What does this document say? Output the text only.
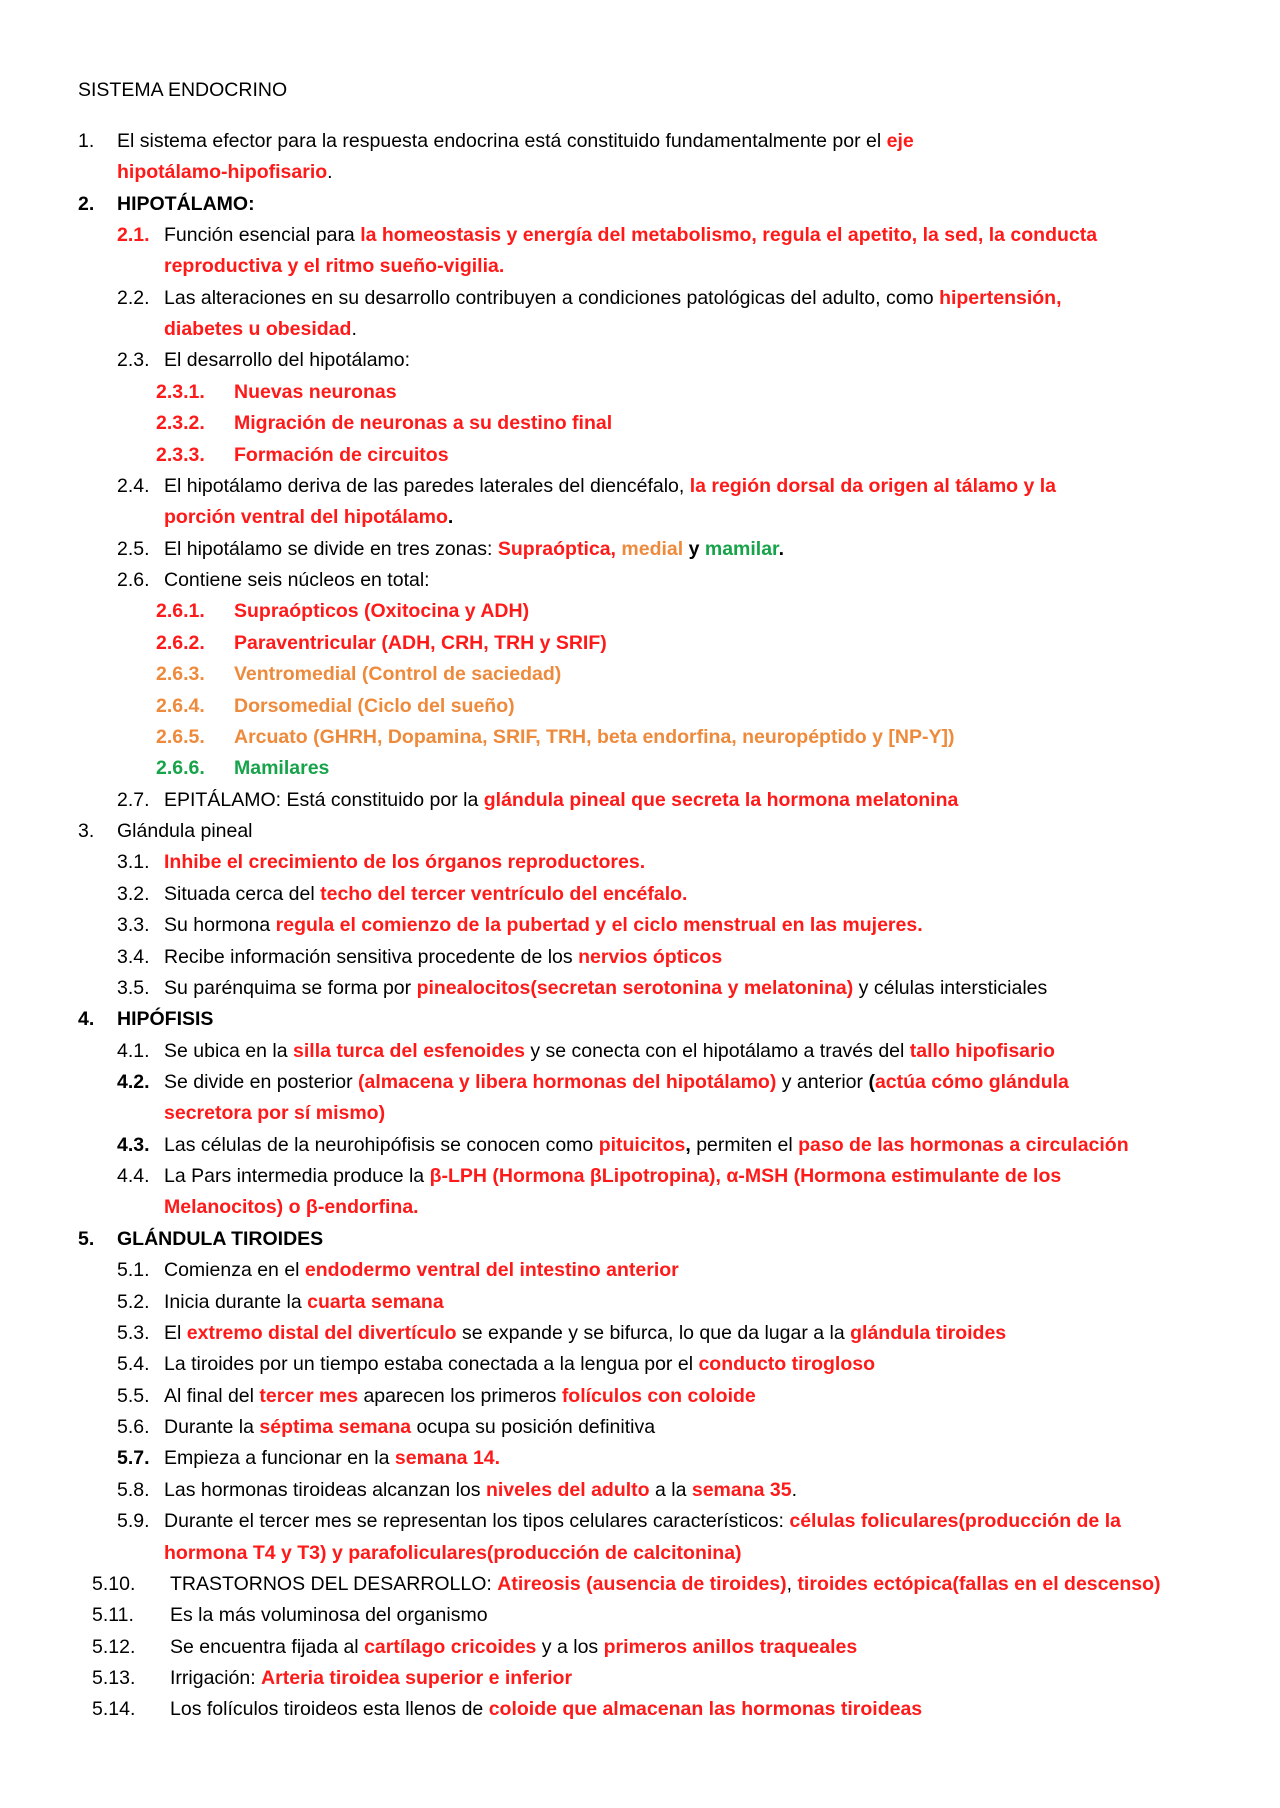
SISTEMA ENDOCRINO
1. El sistema efector para la respuesta endocrina está constituido fundamentalmente por el eje
hipotálamo-hipofisario.
2. HIPOTÁLAMO:
2.1. Función esencial para la homeostasis y energía del metabolismo, regula el apetito, la sed, la conducta
reproductiva y el ritmo sueño-vigilia.
2.2. Las alteraciones en su desarrollo contribuyen a condiciones patológicas del adulto, como hipertensión,
diabetes u obesidad.
2.3. El desarrollo del hipotálamo:
2.3.1. Nuevas neuronas
2.3.2. Migración de neuronas a su destino final
2.3.3. Formación de circuitos
2.4. El hipotálamo deriva de las paredes laterales del diencéfalo, la región dorsal da origen al tálamo y la
porción ventral del hipotálamo.
2.5. El hipotálamo se divide en tres zonas: Supraóptica, medial y mamilar.
2.6. Contiene seis núcleos en total:
2.6.1. Supraópticos (Oxitocina y ADH)
2.6.2. Paraventricular (ADH, CRH, TRH y SRIF)
2.6.3. Ventromedial (Control de saciedad)
2.6.4. Dorsomedial (Ciclo del sueño)
2.6.5. Arcuato (GHRH, Dopamina, SRIF, TRH, beta endorfina, neuropéptido y [NP-Y])
2.6.6. Mamilares
2.7. EPITÁLAMO: Está constituido por la glándula pineal que secreta la hormona melatonina
3. Glándula pineal
3.1. Inhibe el crecimiento de los órganos reproductores.
3.2. Situada cerca del techo del tercer ventrículo del encéfalo.
3.3. Su hormona regula el comienzo de la pubertad y el ciclo menstrual en las mujeres.
3.4. Recibe información sensitiva procedente de los nervios ópticos
3.5. Su parénquima se forma por pinealocitos(secretan serotonina y melatonina) y células intersticiales
4. HIPÓFISIS
4.1. Se ubica en la silla turca del esfenoides y se conecta con el hipotálamo a través del tallo hipofisario
4.2. Se divide en posterior (almacena y libera hormonas del hipotálamo) y anterior (actúa cómo glándula
secretora por sí mismo)
4.3. Las células de la neurohipófisis se conocen como pituicitos, permiten el paso de las hormonas a circulación
4.4. La Pars intermedia produce la β-LPH (Hormona βLipotropina), α-MSH (Hormona estimulante de los
Melanocitos) o β-endorfina.
5. GLÁNDULA TIROIDES
5.1. Comienza en el endodermo ventral del intestino anterior
5.2. Inicia durante la cuarta semana
5.3. El extremo distal del divertículo se expande y se bifurca, lo que da lugar a la glándula tiroides
5.4. La tiroides por un tiempo estaba conectada a la lengua por el conducto tirogloso
5.5. Al final del tercer mes aparecen los primeros folículos con coloide
5.6. Durante la séptima semana ocupa su posición definitiva
5.7. Empieza a funcionar en la semana 14.
5.8. Las hormonas tiroideas alcanzan los niveles del adulto a la semana 35.
5.9. Durante el tercer mes se representan los tipos celulares característicos: células foliculares(producción de la
hormona T4 y T3) y parafoliculares(producción de calcitonina)
5.10. TRASTORNOS DEL DESARROLLO: Atireosis (ausencia de tiroides), tiroides ectópica(fallas en el descenso)
5.11. Es la más voluminosa del organismo
5.12. Se encuentra fijada al cartílago cricoides y a los primeros anillos traqueales
5.13. Irrigación: Arteria tiroidea superior e inferior
5.14. Los folículos tiroideos esta llenos de coloide que almacenan las hormonas tiroideas
